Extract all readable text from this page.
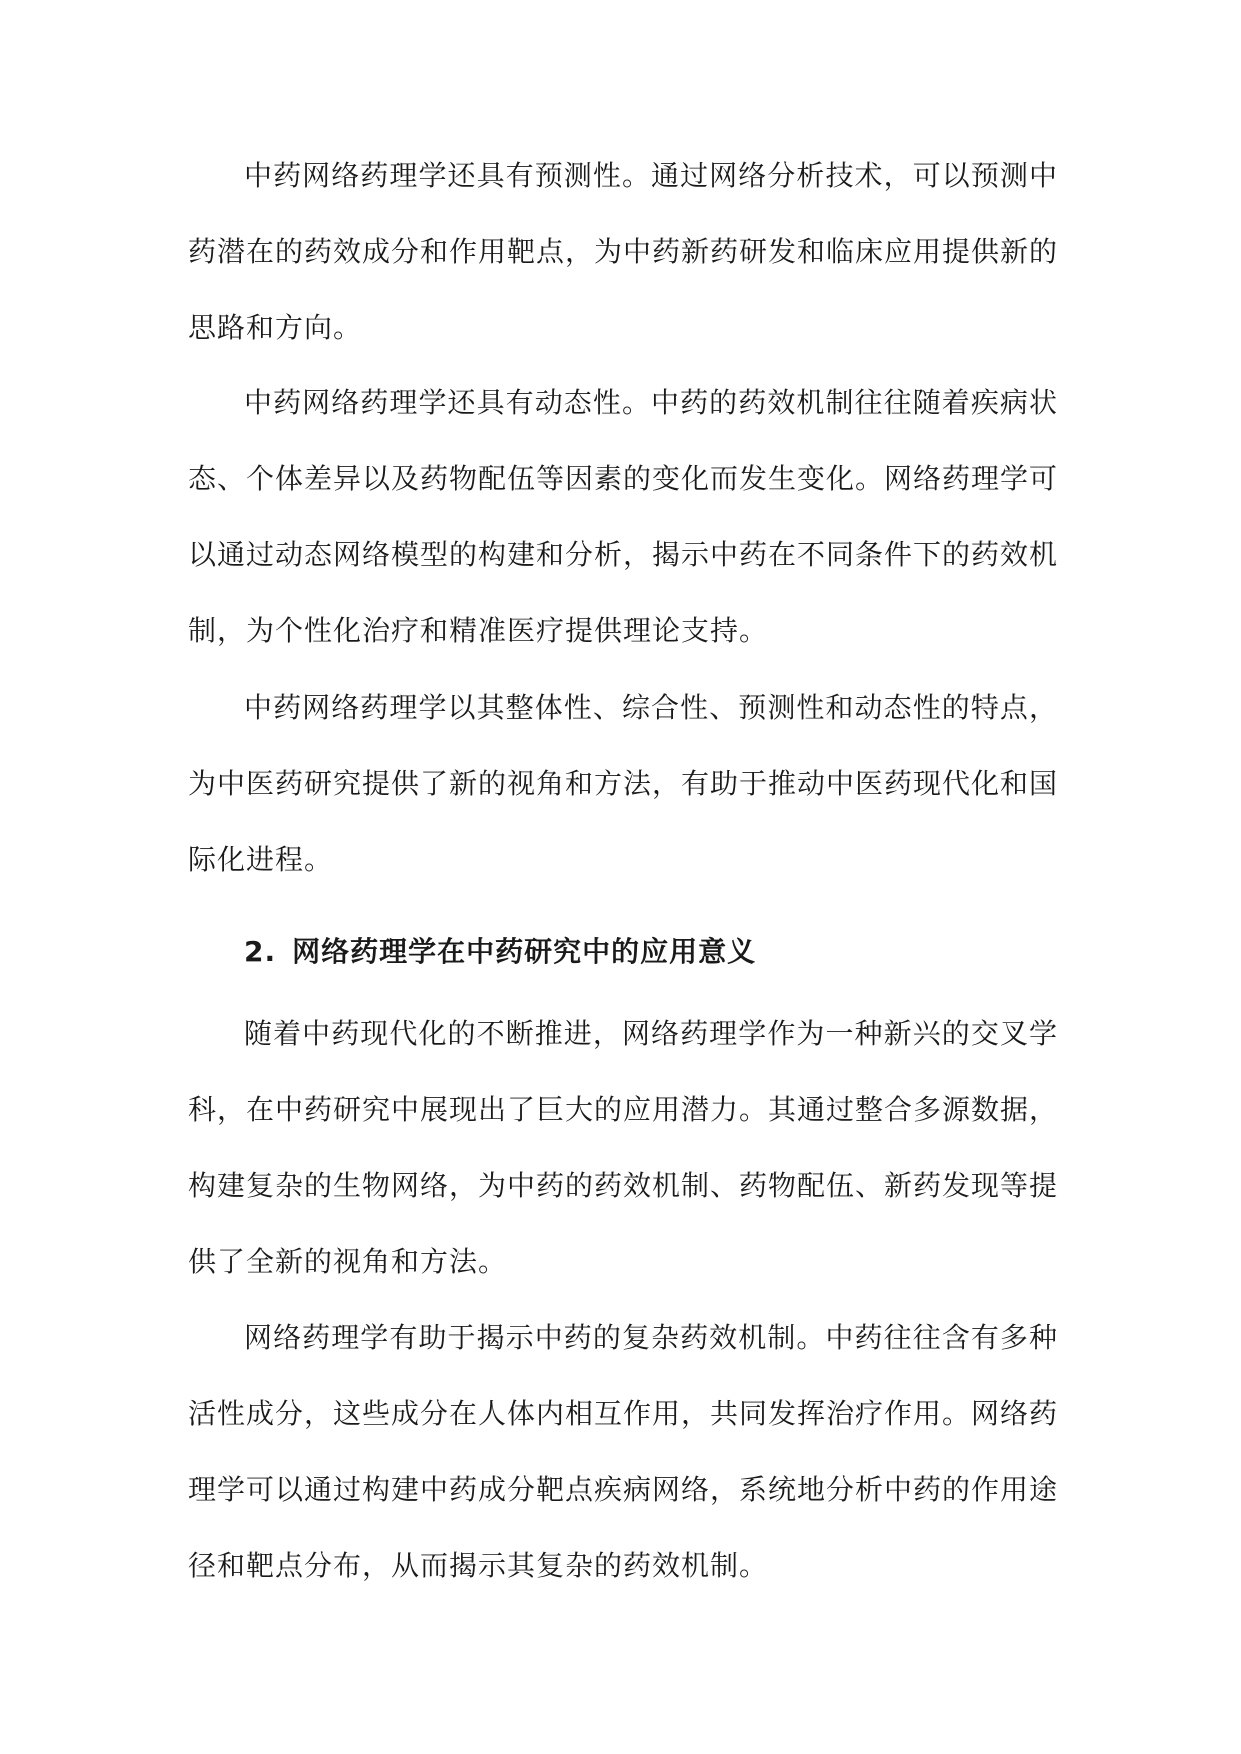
中药网络药理学还具有预测性。通过网络分析技术，可以预测中药潜在的药效成分和作用靶点，为中药新药研发和临床应用提供新的思路和方向。

中药网络药理学还具有动态性。中药的药效机制往往随着疾病状态、个体差异以及药物配伍等因素的变化而发生变化。网络药理学可以通过动态网络模型的构建和分析，揭示中药在不同条件下的药效机制，为个性化治疗和精准医疗提供理论支持。

中药网络药理学以其整体性、综合性、预测性和动态性的特点，为中医药研究提供了新的视角和方法，有助于推动中医药现代化和国际化进程。

2. 网络药理学在中药研究中的应用意义

随着中药现代化的不断推进，网络药理学作为一种新兴的交叉学科，在中药研究中展现出了巨大的应用潜力。其通过整合多源数据，构建复杂的生物网络，为中药的药效机制、药物配伍、新药发现等提供了全新的视角和方法。

网络药理学有助于揭示中药的复杂药效机制。中药往往含有多种活性成分，这些成分在人体内相互作用，共同发挥治疗作用。网络药理学可以通过构建中药成分靶点疾病网络，系统地分析中药的作用途径和靶点分布，从而揭示其复杂的药效机制。
